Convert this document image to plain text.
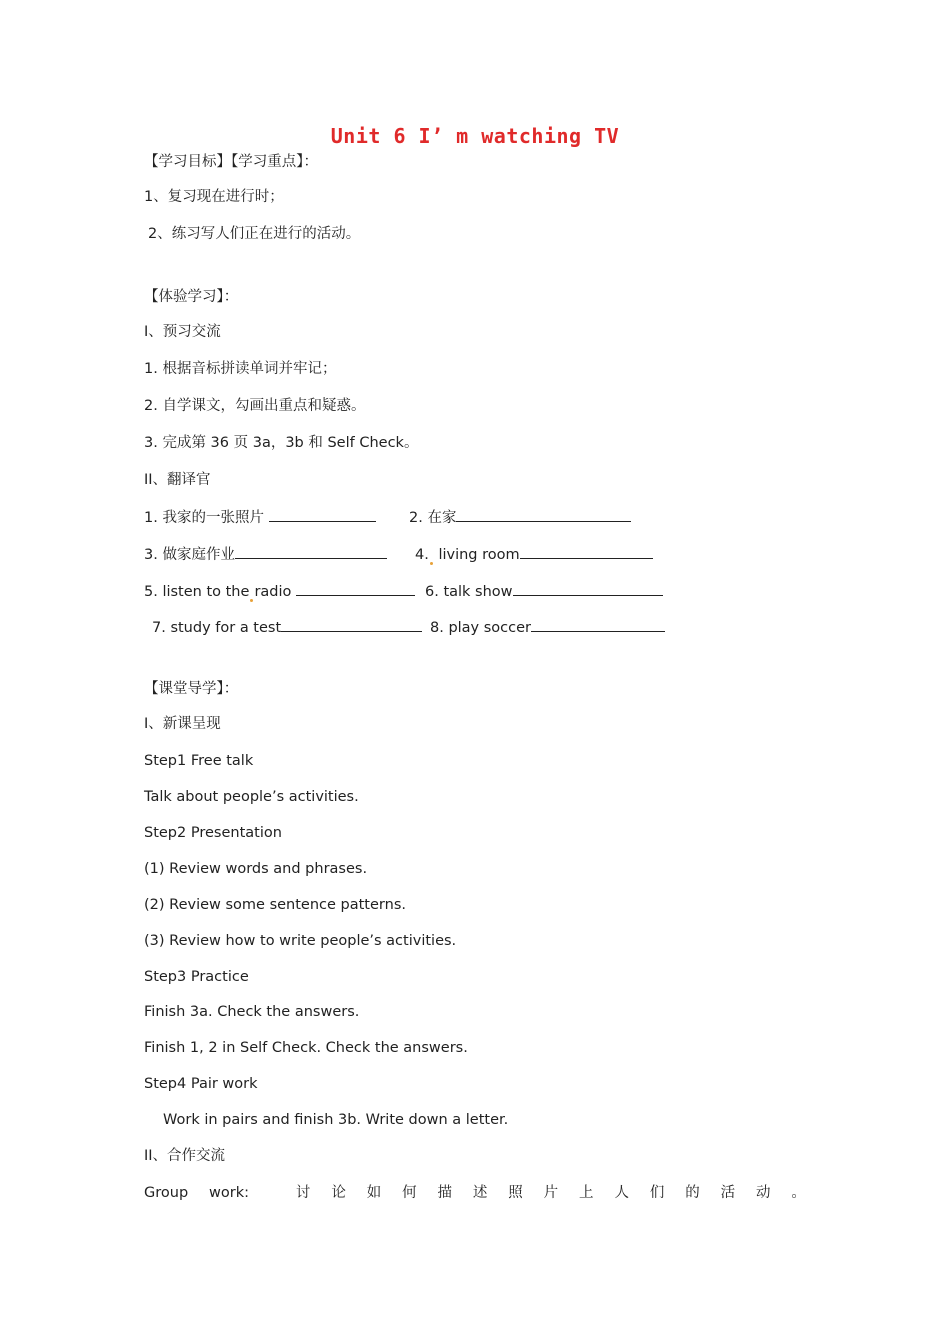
Unit 6 I’ m watching TV
【学习目标】【学习重点】：
1、复习现在进行时；
2、练习写人们正在进行的活动。
【体验学习】：
I、预习交流
1. 根据音标拼读单词并牢记；
2. 自学课文，勾画出重点和疑惑。
3. 完成第 36 页 3a，3b 和 Self Check。
II、翻译官
1. 我家的一张照片	2. 在家
3. 做家庭作业	4. living room
5. listen to the radio	6. talk show
7. study for a test	8. play soccer
【课堂导学】：
I、新课呈现
Step1 Free talk
Talk about people’s activities.
Step2 Presentation
(1) Review words and phrases.
(2) Review some sentence patterns.
(3) Review how to write people’s activities.
Step3 Practice
Finish 3a. Check the answers.
Finish 1, 2 in Self Check. Check the answers.
Step4 Pair work
Work in pairs and finish 3b. Write down a letter.
II、合作交流
Group work:	讨 论 如 何 描 述 照 片 上 人 们 的 活 动 。
